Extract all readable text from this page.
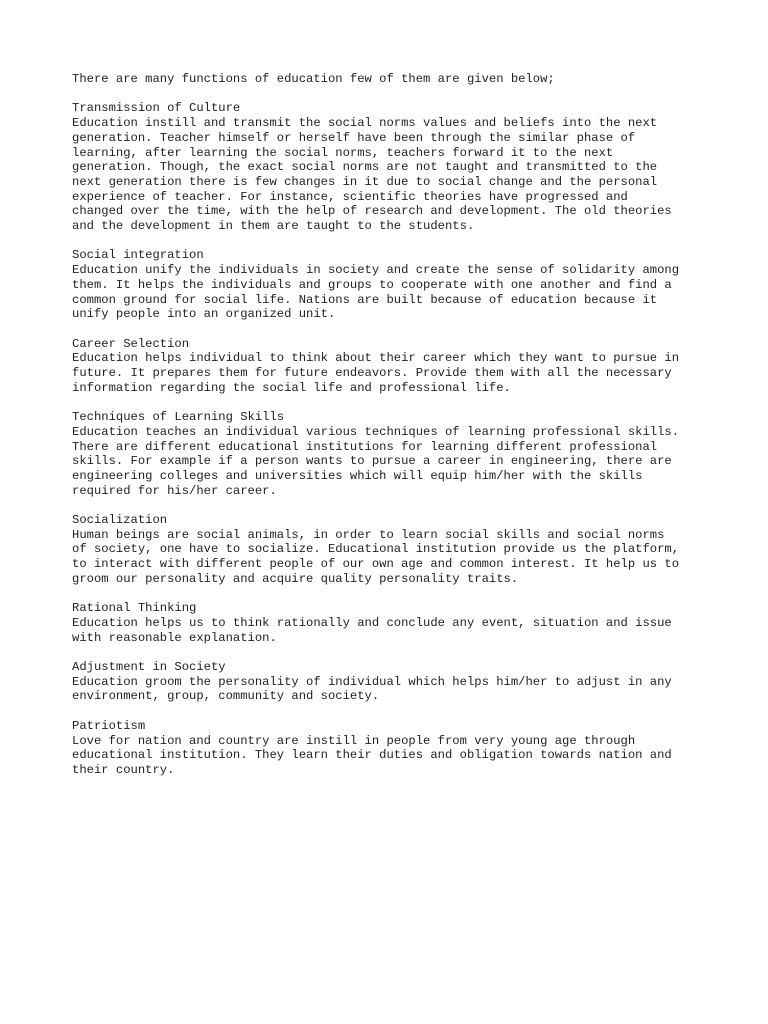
There are many functions of education few of them are given below;
Transmission of Culture
Education instill and transmit the social norms values and beliefs into the next
generation. Teacher himself or herself have been through the similar phase of
learning, after learning the social norms, teachers forward it to the next
generation. Though, the exact social norms are not taught and transmitted to the
next generation there is few changes in it due to social change and the personal
experience of teacher. For instance, scientific theories have progressed and
changed over the time, with the help of research and development. The old theories
and the development in them are taught to the students.
Social integration
Education unify the individuals in society and create the sense of solidarity among
them. It helps the individuals and groups to cooperate with one another and find a
common ground for social life. Nations are built because of education because it
unify people into an organized unit.
Career Selection
Education helps individual to think about their career which they want to pursue in
future. It prepares them for future endeavors. Provide them with all the necessary
information regarding the social life and professional life.
Techniques of Learning Skills
Education teaches an individual various techniques of learning professional skills.
There are different educational institutions for learning different professional
skills. For example if a person wants to pursue a career in engineering, there are
engineering colleges and universities which will equip him/her with the skills
required for his/her career.
Socialization
Human beings are social animals, in order to learn social skills and social norms
of society, one have to socialize. Educational institution provide us the platform,
to interact with different people of our own age and common interest. It help us to
groom our personality and acquire quality personality traits.
Rational Thinking
Education helps us to think rationally and conclude any event, situation and issue
with reasonable explanation.
Adjustment in Society
Education groom the personality of individual which helps him/her to adjust in any
environment, group, community and society.
Patriotism
Love for nation and country are instill in people from very young age through
educational institution. They learn their duties and obligation towards nation and
their country.
